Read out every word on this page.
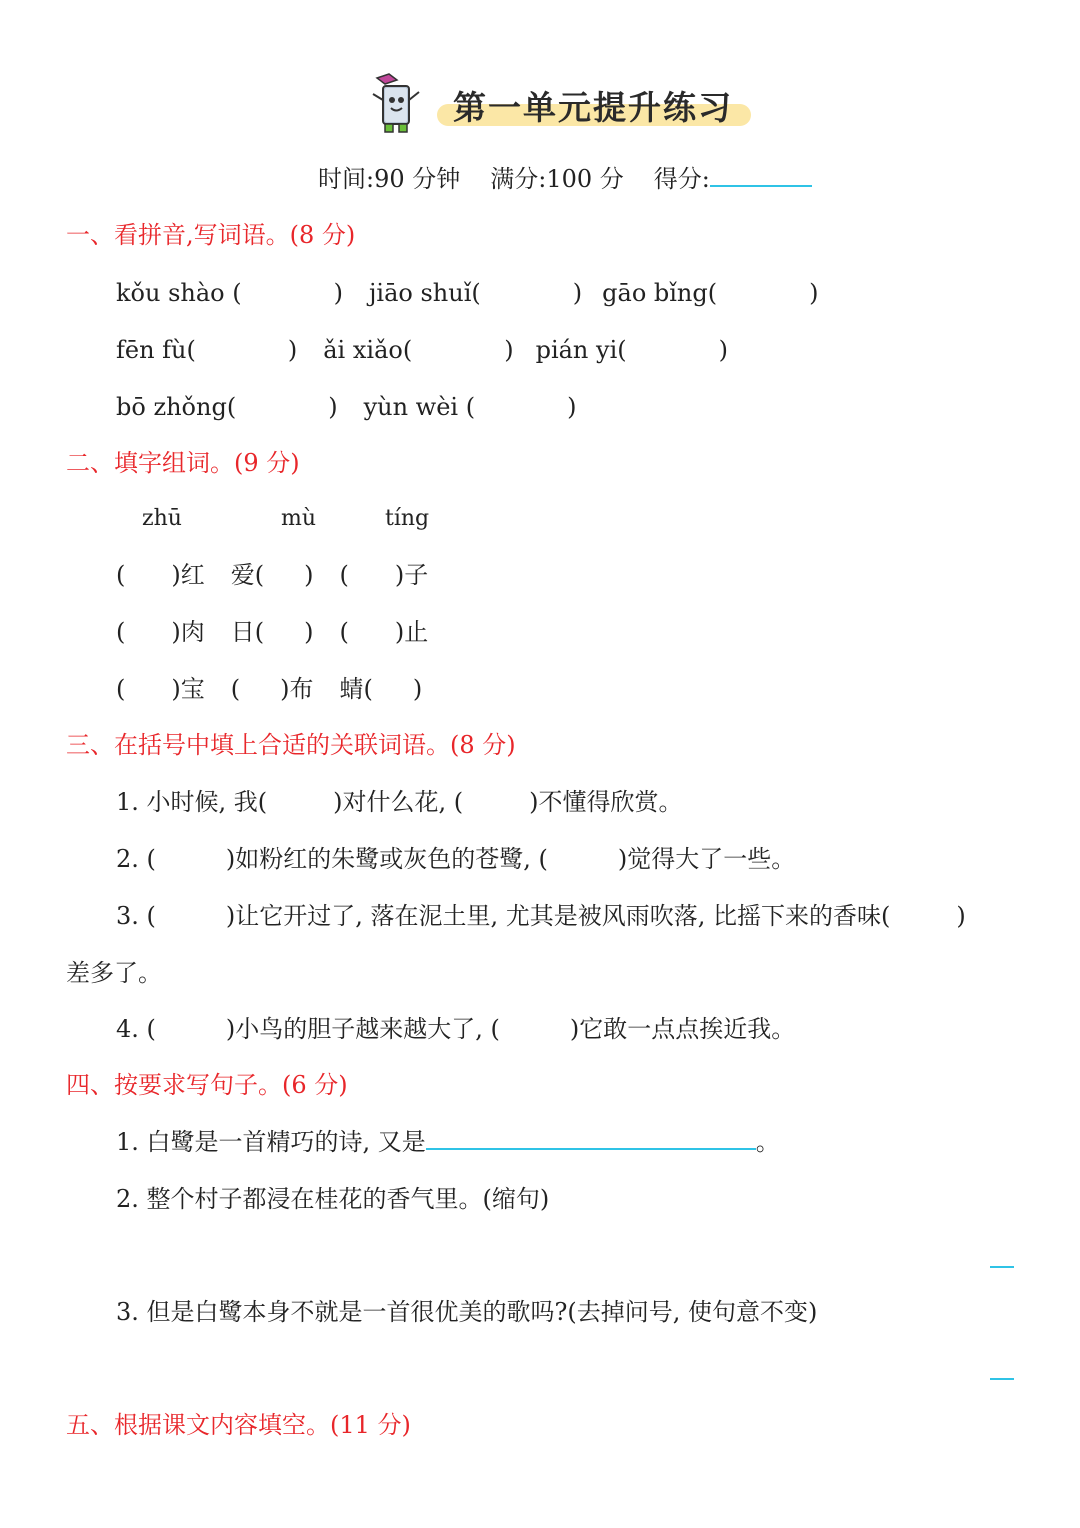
第一单元提升练习
时间:90 分钟 满分:100 分 得分:
一、看拼音,写词语。(8 分)
kǒu shào (	) jiāo shuǐ(	) gāo bǐng(	)
fēn fù(	) ǎi xiǎo(	) pián yi(	)
bō zhǒng(	) yùn wèi (	)
二、填字组词。(9 分)
zhū	mù	tíng
( )红 爱( ) ( )子
( )肉 日( ) ( )止
( )宝 ( )布 蜻( )
三、在括号中填上合适的关联词语。(8 分)
1. 小时候, 我(	)对什么花, (	)不懂得欣赏。
2. (	)如粉红的朱鹭或灰色的苍鹭, (	)觉得大了一些。
3. (	)让它开过了, 落在泥土里, 尤其是被风雨吹落, 比摇下来的香味(	)
差多了。
4. (	)小鸟的胆子越来越大了, (	)它敢一点点挨近我。
四、按要求写句子。(6 分)
1. 白鹭是一首精巧的诗, 又是	。
2. 整个村子都浸在桂花的香气里。(缩句)
3. 但是白鹭本身不就是一首很优美的歌吗?(去掉问号, 使句意不变)
五、根据课文内容填空。(11 分)
